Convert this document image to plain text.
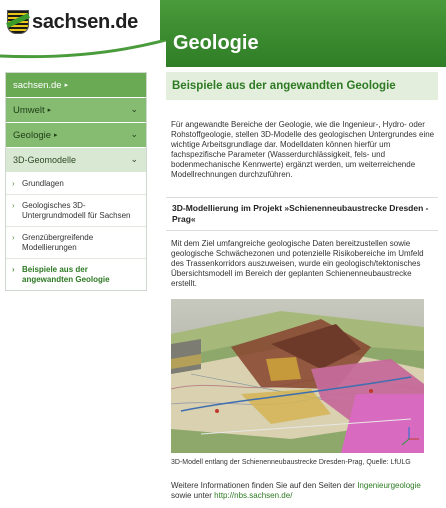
sachsen.de
Geologie
sachsen.de ▸
Umwelt ▸	⌄
Geologie ▸	⌄
3D-Geomodelle	⌄
› Grundlagen
› Geologisches 3D-Untergrundmodell für Sachsen
› Grenzübergreifende Modellierungen
› Beispiele aus der angewandten Geologie
Beispiele aus der angewandten Geologie

Für angewandte Bereiche der Geologie, wie die Ingenieur-, Hydro- oder Rohstoffgeologie, stellen 3D-Modelle des geologischen Untergrundes eine wichtige Arbeitsgrundlage dar. Modelldaten können hierfür um fachspezifische Parameter (Wasserdurchlässigkeit, fels- und bodenmechanische Kennwerte) ergänzt werden, um weiterreichende Modellrechnungen durchzuführen.

3D-Modellierung im Projekt »Schienenneubaustrecke Dresden - Prag«

Mit dem Ziel umfangreiche geologische Daten bereitzustellen sowie geologische Schwächezonen und potenzielle Risikobereiche im Umfeld des Trassenkorridors auszuweisen, wurde ein geologisch/tektonisches Übersichtsmodell im Bereich der geplanten Schienenneubaustrecke erstellt.

3D-Modell entlang der Schienenneubaustrecke Dresden-Prag, Quelle: LfULG
Weitere Informationen finden Sie auf den Seiten der Ingenieurgeologie sowie unter http://nbs.sachsen.de/
